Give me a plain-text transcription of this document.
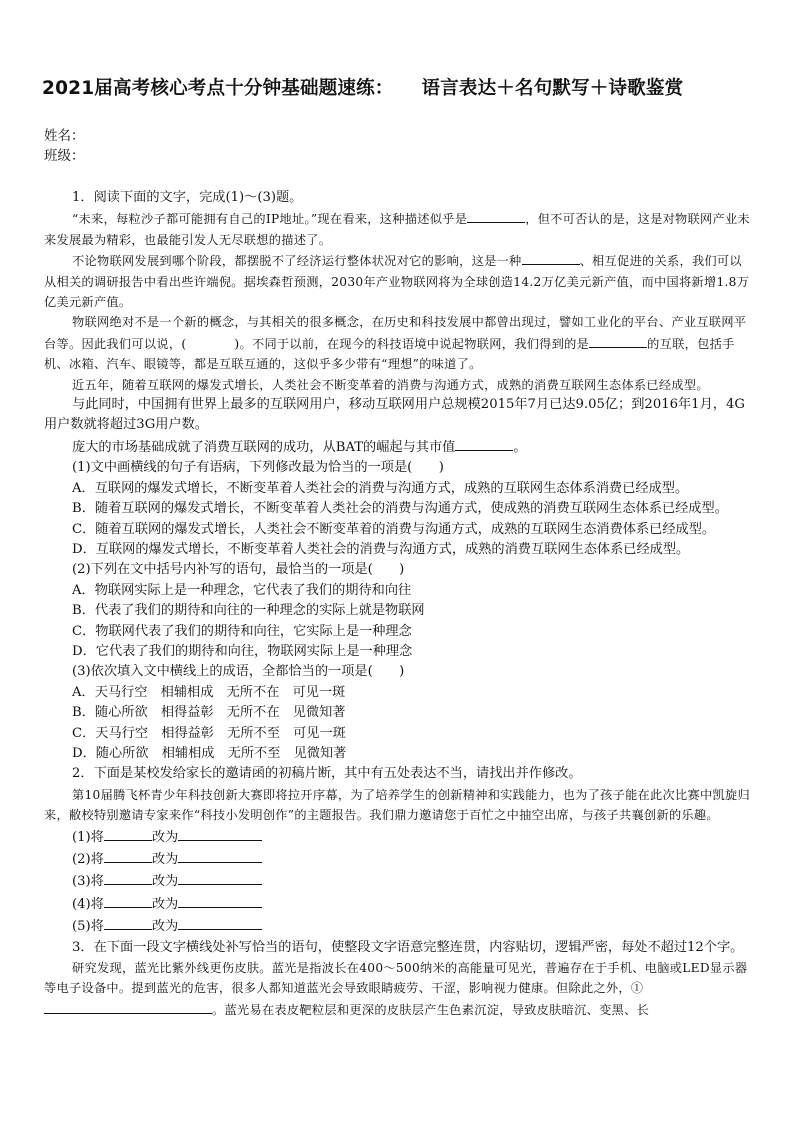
2021届高考核心考点十分钟基础题速练： 语言表达＋名句默写＋诗歌鉴赏
姓名：
班级：

1．阅读下面的文字，完成(1)～(3)题。

“未来，每粒沙子都可能拥有自己的IP地址。”现在看来，这种描述似乎是	，但不可否认的是，这是对物联网产业未来发展最为精彩，也最能引发人无尽联想的描述了。

不论物联网发展到哪个阶段，都摆脱不了经济运行整体状况对它的影响，这是一种	、相互促进的关系，我们可以从相关的调研报告中看出些许端倪。据埃森哲预测，2030年产业物联网将为全球创造14.2万亿美元新产值，而中国将新增1.8万亿美元新产值。

物联网绝对不是一个新的概念，与其相关的很多概念，在历史和科技发展中都曾出现过，譬如工业化的平台、产业互联网平台等。因此我们可以说，(	)。不同于以前，在现今的科技语境中说起物联网，我们得到的是	的互联，包括手机、冰箱、汽车、眼镜等，都是互联互通的，这似乎多少带有“理想”的味道了。

近五年，随着互联网的爆发式增长，人类社会不断变革着的消费与沟通方式，成熟的消费互联网生态体系已经成型。

与此同时，中国拥有世界上最多的互联网用户，移动互联网用户总规模2015年7月已达9.05亿；到2016年1月，4G用户数就将超过3G用户数。

庞大的市场基础成就了消费互联网的成功，从BAT的崛起与其市值	。

(1)文中画横线的句子有语病，下列修改最为恰当的一项是(　　)

A．互联网的爆发式增长，不断变革着人类社会的消费与沟通方式，成熟的互联网生态体系消费已经成型。

B．随着互联网的爆发式增长，不断变革着人类社会的消费与沟通方式，使成熟的消费互联网生态体系已经成型。

C．随着互联网的爆发式增长，人类社会不断变革着的消费与沟通方式，成熟的互联网生态消费体系已经成型。

D．互联网的爆发式增长，不断变革着人类社会的消费与沟通方式，成熟的消费互联网生态体系已经成型。

(2)下列在文中括号内补写的语句，最恰当的一项是(　　)

A．物联网实际上是一种理念，它代表了我们的期待和向往

B．代表了我们的期待和向往的一种理念的实际上就是物联网

C．物联网代表了我们的期待和向往，它实际上是一种理念

D．它代表了我们的期待和向往，物联网实际上是一种理念

(3)依次填入文中横线上的成语，全都恰当的一项是(　　)

A．天马行空　相辅相成　无所不在　可见一斑

B．随心所欲　相得益彰　无所不在　见微知著

C．天马行空　相得益彰　无所不至　可见一斑

D．随心所欲　相辅相成　无所不至　见微知著

2．下面是某校发给家长的邀请函的初稿片断，其中有五处表达不当，请找出并作修改。

第10届腾飞杯青少年科技创新大赛即将拉开序幕，为了培养学生的创新精神和实践能力，也为了孩子能在此次比赛中凯旋归来，敝校特别邀请专家来作“科技小发明创作”的主题报告。我们鼎力邀请您于百忙之中抽空出席，与孩子共襄创新的乐趣。

(1)将	改为

(2)将	改为

(3)将	改为

(4)将	改为

(5)将	改为

3．在下面一段文字横线处补写恰当的语句，使整段文字语意完整连贯，内容贴切，逻辑严密，每处不超过12个字。

研究发现，蓝光比紫外线更伤皮肤。蓝光是指波长在400～500纳米的高能量可见光，普遍存在于手机、电脑或LED显示器等电子设备中。提到蓝光的危害，很多人都知道蓝光会导致眼睛疲劳、干涩，影响视力健康。但除此之外，①。蓝光易在表皮靶粒层和更深的皮肤层产生色素沉淀，导致皮肤暗沉、变黑、长
